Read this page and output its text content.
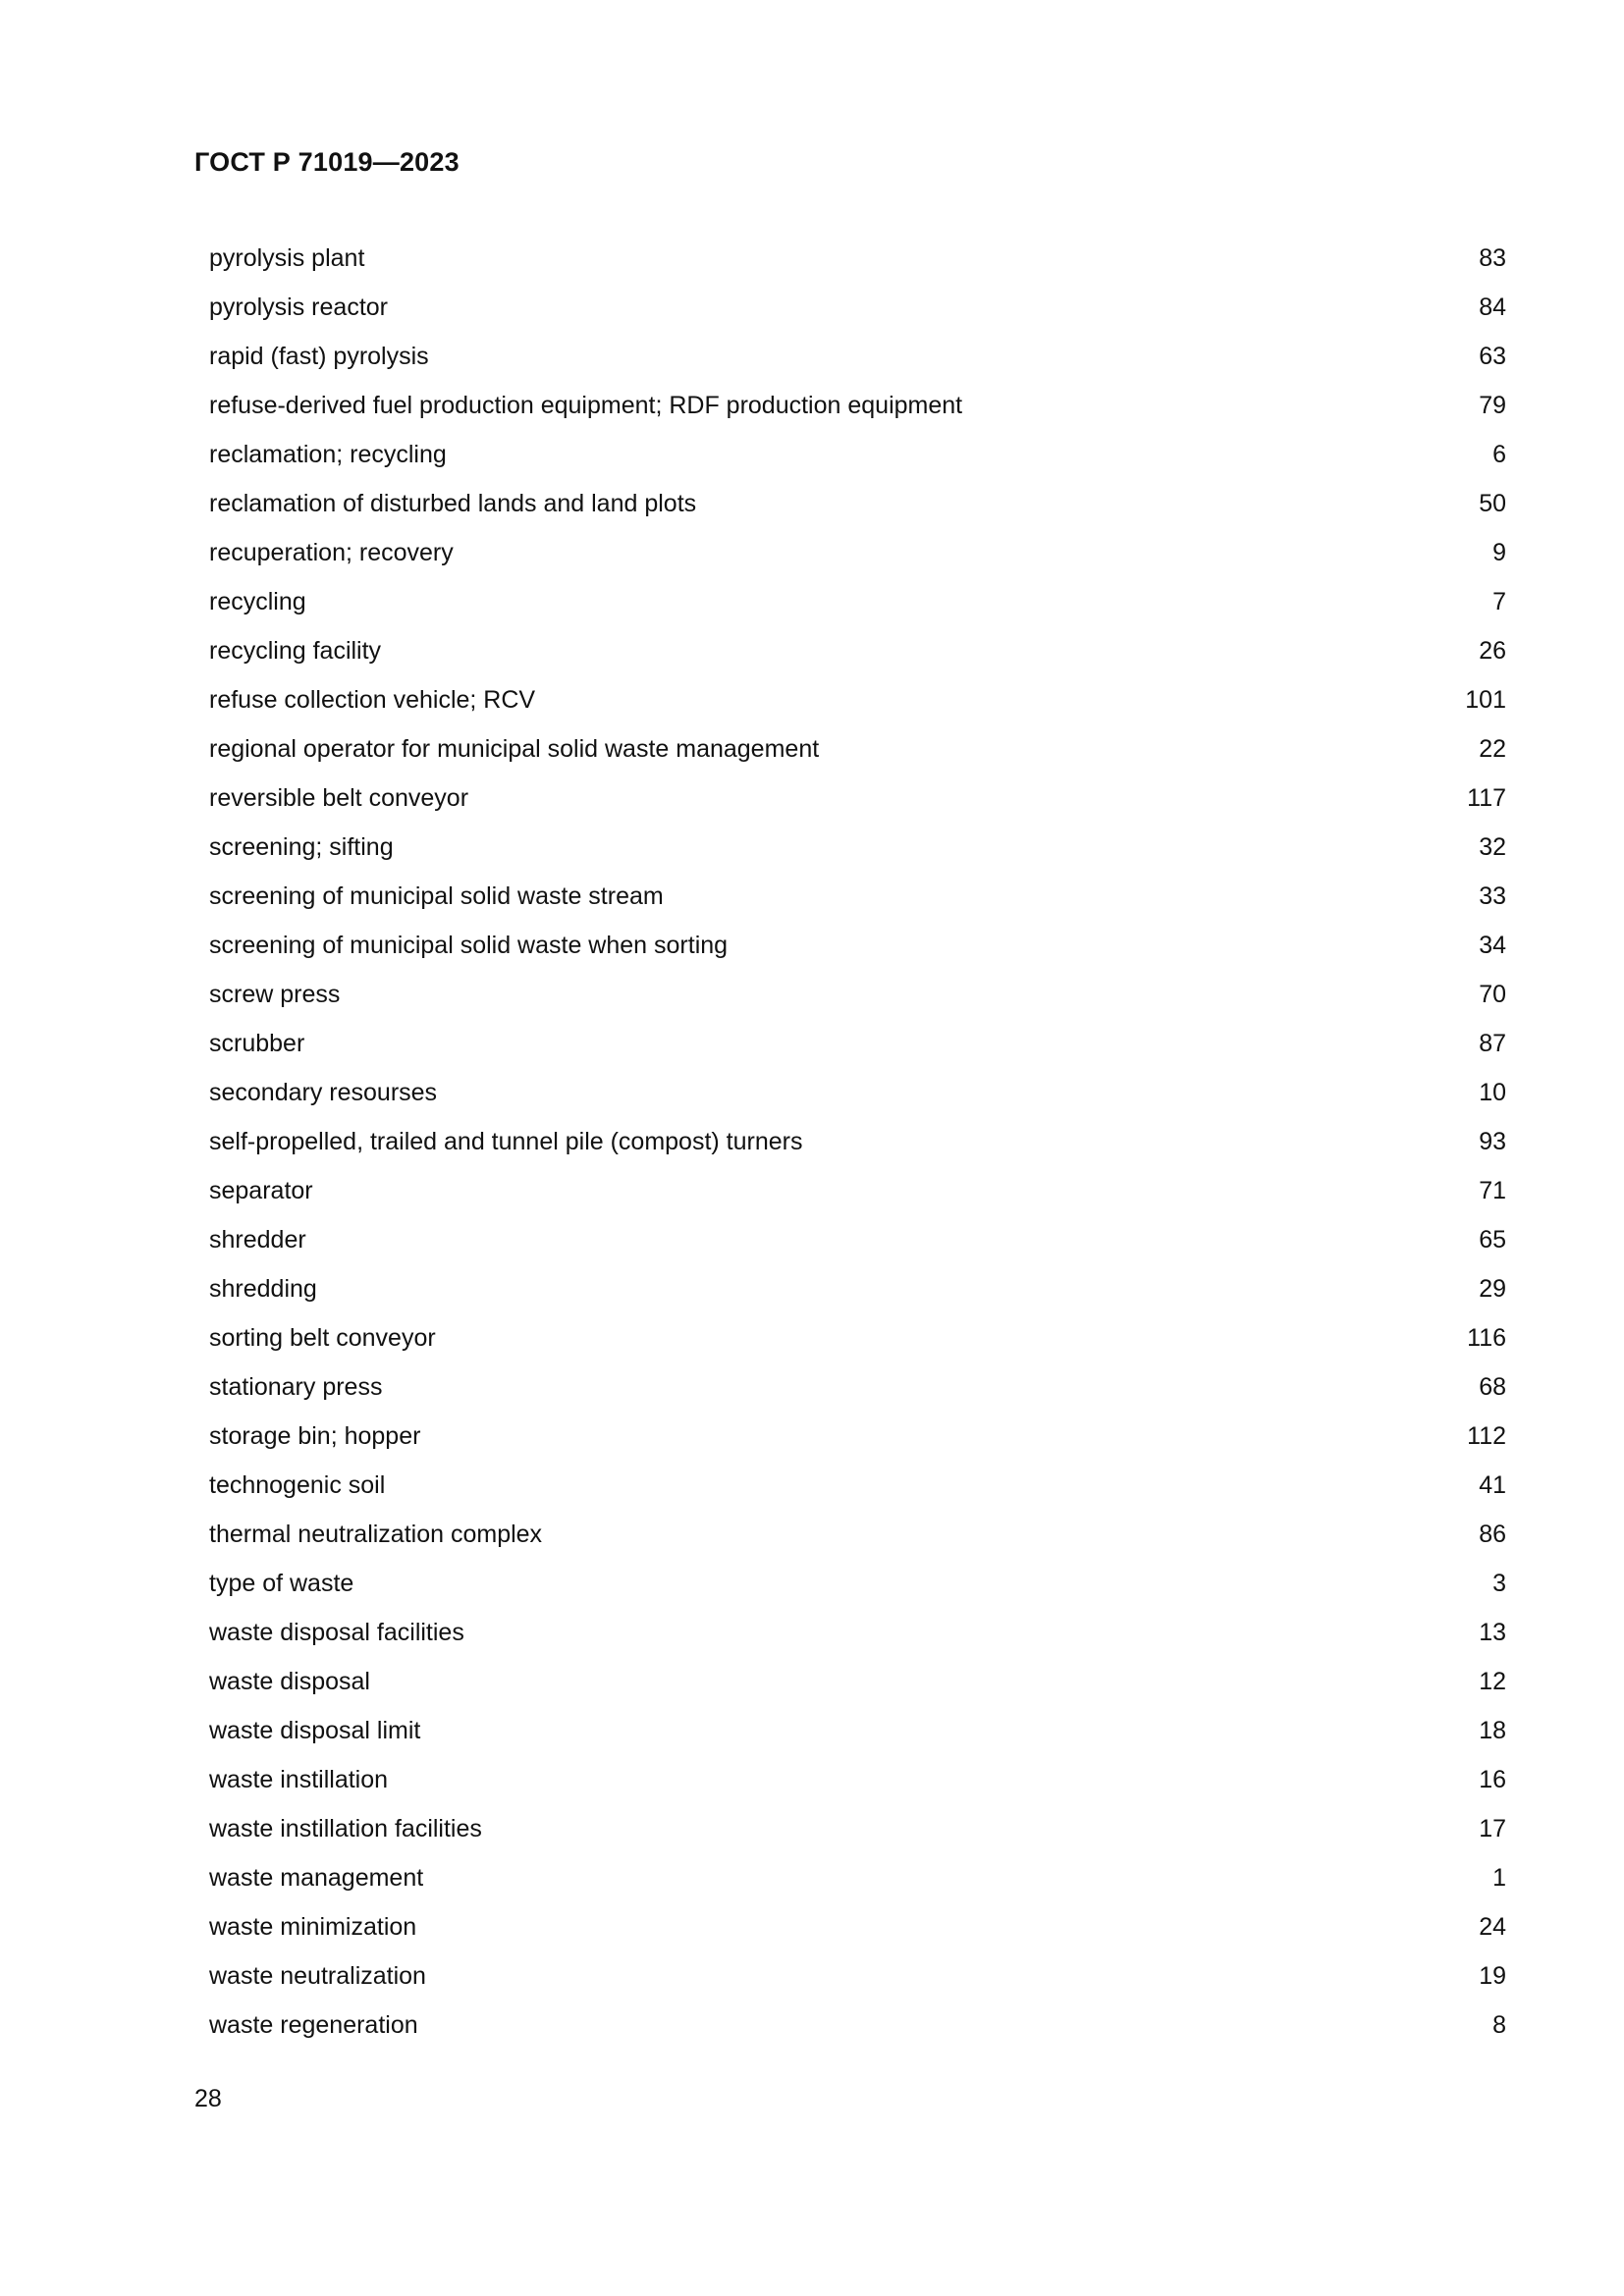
ГОСТ Р 71019—2023
pyrolysis plant	83
pyrolysis reactor	84
rapid (fast) pyrolysis	63
refuse-derived fuel production equipment; RDF production equipment	79
reclamation; recycling	6
reclamation of disturbed lands and land plots	50
recuperation; recovery	9
recycling	7
recycling facility	26
refuse collection vehicle; RCV	101
regional operator for municipal solid waste management	22
reversible belt conveyor	117
screening; sifting	32
screening of municipal solid waste stream	33
screening of municipal solid waste when sorting	34
screw press	70
scrubber	87
secondary resourses	10
self-propelled, trailed and tunnel pile (compost) turners	93
separator	71
shredder	65
shredding	29
sorting belt conveyor	116
stationary press	68
storage bin; hopper	112
technogenic soil	41
thermal neutralization complex	86
type of waste	3
waste disposal facilities	13
waste disposal	12
waste disposal limit	18
waste instillation	16
waste instillation facilities	17
waste management	1
waste minimization	24
waste neutralization	19
waste regeneration	8
28
